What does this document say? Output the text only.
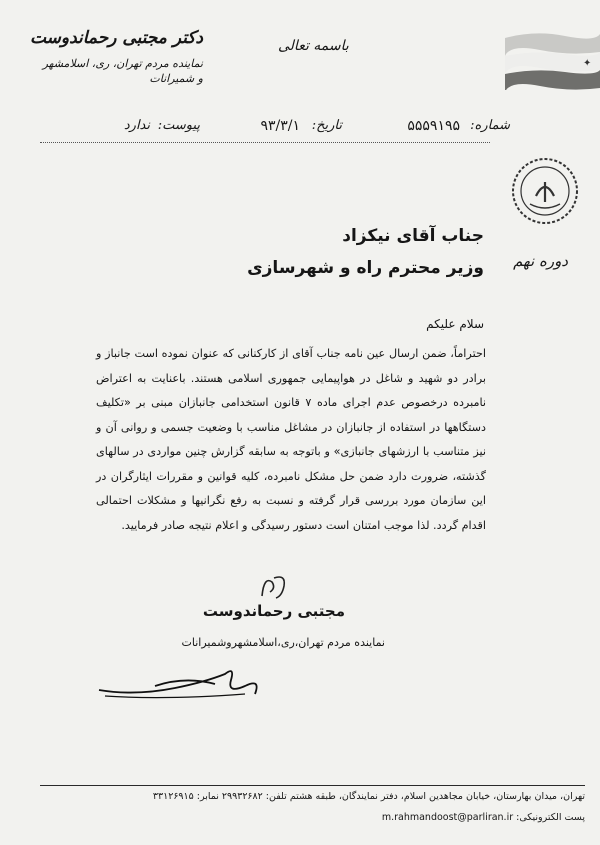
✦
دوره نهم
دکتر مجتبی رحماندوست
نماینده مردم تهران، ری، اسلامشهر
و شمیرانات
باسمه تعالی
شماره:
۵۵۵۹۱۹۵
تاریخ:
۹۳/۳/۱
پیوست:
ندارد
جناب آقای نیکزاد
وزیر محترم راه و شهرسازی
سلام علیکم

احتراماً، ضمن ارسال عین نامه جناب آقای از کارکنانی که عنوان نموده است جانباز و برادر دو شهید و شاغل در هواپیمایی جمهوری اسلامی هستند. باعنایت به اعتراض نامبرده درخصوص عدم اجرای ماده ۷ قانون استخدامی جانبازان مبنی بر «تکلیف دستگاهها در استفاده از جانبازان در مشاغل مناسب با وضعیت جسمی و روانی آن و نیز متناسب با ارزشهای جانبازی» و باتوجه به سابقه گزارش چنین مواردی در سالهای گذشته، ضرورت دارد ضمن حل مشکل نامبرده، کلیه قوانین و مقررات ایثارگران در این سازمان مورد بررسی قرار گرفته و نسبت به رفع نگرانیها و مشکلات احتمالی اقدام گردد. لذا موجب امتنان است دستور رسیدگی و اعلام نتیجه صادر فرمایید.

مجتبی رحماندوست
نماینده مردم تهران،ری،اسلامشهروشمیرانات
تهران، میدان بهارستان، خیابان مجاهدین اسلام، دفتر نمایندگان، طبقه هشتم تلفن: ۲۹۹۳۲۶۸۲ نمابر: ۳۳۱۲۶۹۱۵
پست الکترونیکی: m.rahmandoost@parliran.ir
